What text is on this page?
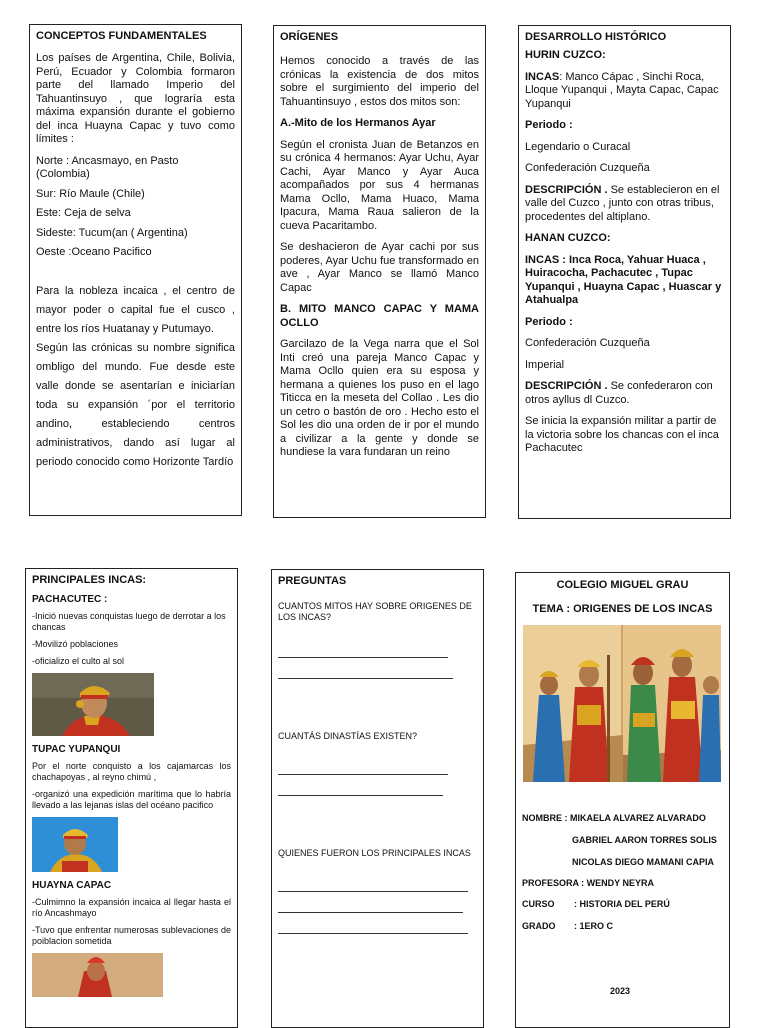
CONCEPTOS FUNDAMENTALES

Los países de Argentina, Chile, Bolivia, Perú, Ecuador y Colombia formaron parte del llamado Imperio del Tahuantinsuyo , que lograría esta máxima expansión durante el gobierno del inca Huayna Capac y tuvo como límites :

Norte : Ancasmayo, en Pasto (Colombia)

Sur: Río Maule (Chile)

Este: Ceja de selva

Sideste: Tucum(an ( Argentina)

Oeste :Oceano Pacifico

Para la nobleza incaica , el centro de mayor poder o capital fue el cusco , entre los ríos Huatanay y Putumayo.

Según las crónicas su nombre significa ombligo del mundo. Fue desde este valle donde se asentarían e iniciarían toda su expansión ´por el territorio andino, estableciendo centros administrativos, dando así lugar al periodo conocido como Horizonte Tardío

ORÍGENES

Hemos conocido a través de las crónicas la existencia de dos mitos sobre el surgimiento del imperio del Tahuantinsuyo , estos dos mitos son:

A.-Mito de los Hermanos Ayar

Según el cronista Juan de Betanzos en su crónica 4 hermanos: Ayar Uchu, Ayar Cachi, Ayar Manco y Ayar Auca acompañados por sus 4 hermanas Mama Ocllo, Mama Huaco, Mama Ipacura, Mama Raua salieron de la cueva Pacaritambo.

Se deshacieron de Ayar cachi por sus poderes, Ayar Uchu fue transformado en ave , Ayar Manco se llamó Manco Capac

B. MITO MANCO CAPAC Y MAMA OCLLO

Garcilazo de la Vega narra que el Sol Inti creó una pareja Manco Capac y Mama Ocllo quien era su esposa y hermana a quienes los puso en el lago Titicca en la meseta del Collao . Les dio un cetro o bastón de oro . Hecho esto el Sol les dio una orden de ir por el mundo a civilizar a la gente y donde se hundiese la vara fundaran un reino

DESARROLLO HISTÓRICO

HURIN CUZCO:

INCAS: Manco Cápac , Sinchi Roca, Lloque Yupanqui , Mayta Capac, Capac Yupanqui

Periodo :

Legendario o Curacal

Confederación Cuzqueña

DESCRIPCIÓN . Se establecieron en el valle del Cuzco , junto con otras tribus, procedentes del altiplano.

HANAN CUZCO:

INCAS : Inca Roca, Yahuar Huaca , Huiracocha, Pachacutec , Tupac Yupanqui , Huayna Capac , Huascar y Atahualpa

Periodo :

Confederación Cuzqueña

Imperial

DESCRIPCIÓN . Se confederaron con otros ayllus dl Cuzco.

Se inicia la expansión militar a partir de la victoria sobre los chancas con el inca Pachacutec

PRINCIPALES INCAS:

PACHACUTEC :

-Inició nuevas conquistas luego de derrotar a los chancas

-Movilizó poblaciones

-oficializo el culto al sol

TUPAC YUPANQUI

Por el norte conquisto a los cajamarcas los chachapoyas , al reyno chimú ,

-organizó una expedición marítima que lo habría llevado a las lejanas islas del océano pacifico

HUAYNA CAPAC

-Culmimno la expansión incaica al llegar hasta el río Ancashmayo

-Tuvo que enfrentar numerosas sublevaciones de poiblacion sometida

PREGUNTAS

CUANTOS MITOS HAY SOBRE ORIGENES DE LOS INCAS?

CUANTÁS DINASTÍAS EXISTEN?

QUIENES FUERON LOS PRINCIPALES INCAS

COLEGIO MIGUEL GRAU

TEMA : ORIGENES DE LOS INCAS

NOMBRE : MIKAELA ALVAREZ ALVARADO
GABRIEL AARON TORRES SOLIS
NICOLAS DIEGO MAMANI CAPIA
PROFESORA : WENDY NEYRA
CURSO : HISTORIA DEL PERÚ
GRADO : 1ERO C
2023
